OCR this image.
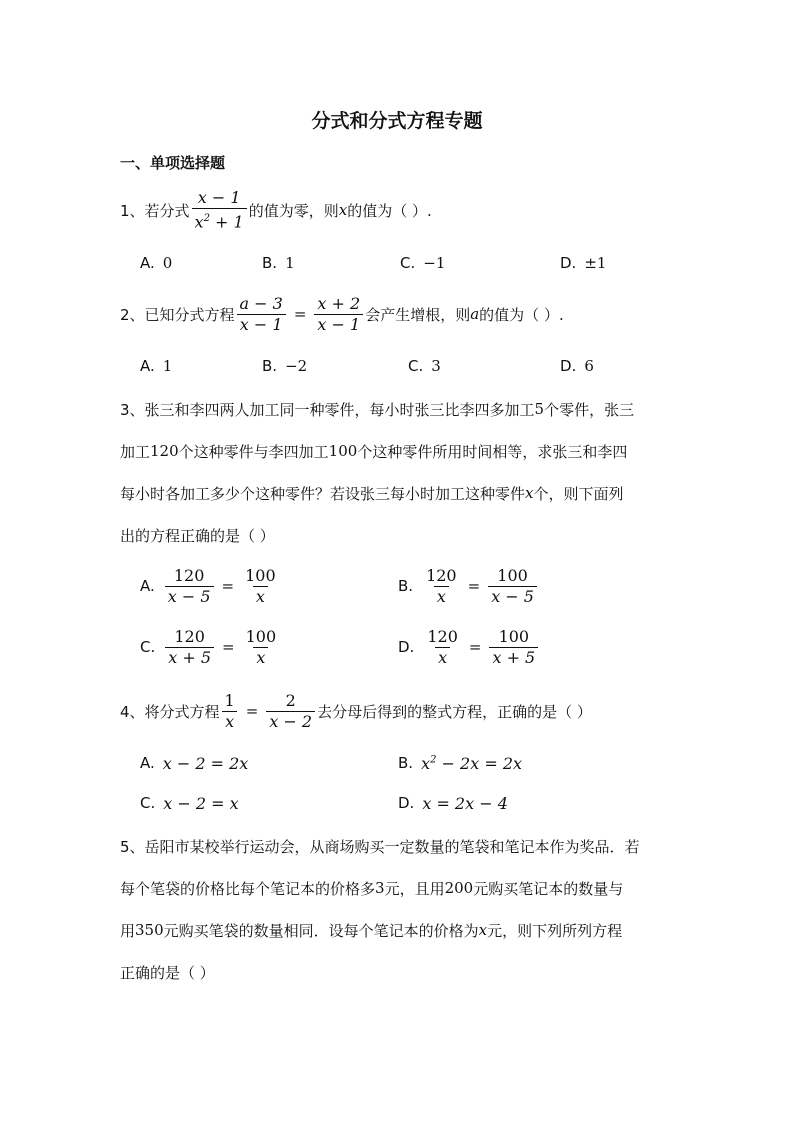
分式和分式方程专题
一、单项选择题
1、若分式 $\frac{x - 1}{x^2 + 1}$ 的值为零，则 x 的值为（ ）.
A. 0	B. 1	C. −1	D. ±1
2、已知分式方程 $\frac{a - 3}{x - 1} = \frac{x + 2}{x - 1}$ 会产生增根，则 a 的值为（ ）.
A. 1	B. −2	C. 3	D. 6
3、张三和李四两人加工同一种零件，每小时张三比李四多加工 5 个零件，张三
加工 120 个这种零件与李四加工 100 个这种零件所用时间相等，求张三和李四
每小时各加工多少个这种零件？若设张三每小时加工这种零件 x 个，则下面列
出的方程正确的是（ ）
A. $\frac{120}{x - 5} = \frac{100}{x}$	B. $\frac{120}{x} = \frac{100}{x - 5}$
C. $\frac{120}{x + 5} = \frac{100}{x}$	D. $\frac{120}{x} = \frac{100}{x + 5}$
4、将分式方程 $\frac{1}{x} = \frac{2}{x - 2}$ 去分母后得到的整式方程，正确的是（ ）
A. x − 2 = 2x	B. $x^2 - 2x = 2x$
C. x − 2 = x	D. x = 2x − 4
5、岳阳市某校举行运动会，从商场购买一定数量的笔袋和笔记本作为奖品．若
每个笔袋的价格比每个笔记本的价格多 3 元，且用 200 元购买笔记本的数量与
用 350 元购买笔袋的数量相同．设每个笔记本的价格为 x 元，则下列所列方程
正确的是（ ）
